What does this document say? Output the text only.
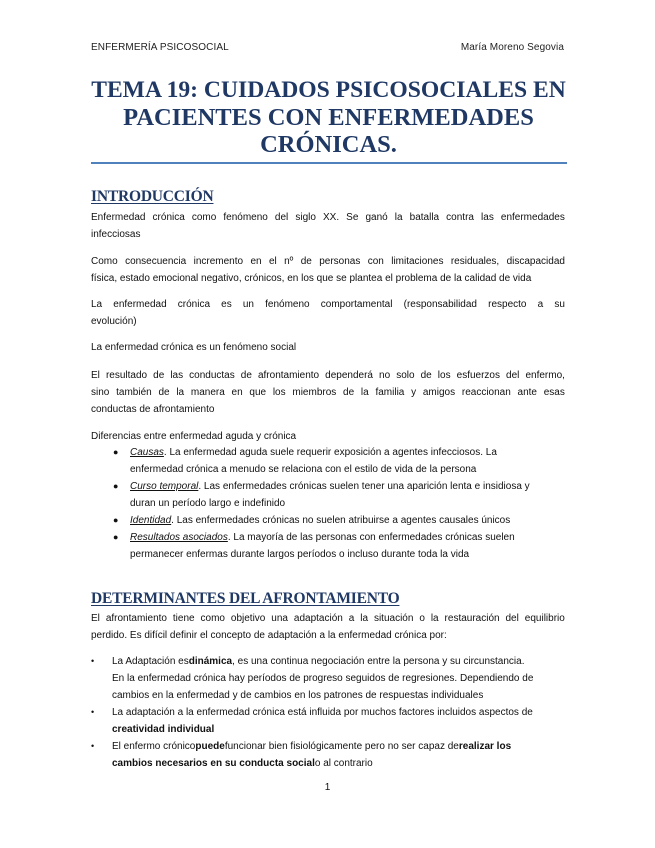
ENFERMERÍA PSICOSOCIAL	María Moreno Segovia
TEMA 19: CUIDADOS PSICOSOCIALES EN
PACIENTES CON ENFERMEDADES
CRÓNICAS.
INTRODUCCIÓN
Enfermedad crónica como fenómeno del siglo XX. Se ganó la batalla contra las enfermedades
infecciosas
Como consecuencia incremento en el nº de personas con limitaciones residuales, discapacidad
física, estado emocional negativo, crónicos, en los que se plantea el problema de la calidad de vida
La enfermedad crónica es un fenómeno comportamental (responsabilidad respecto a su
evolución)
La enfermedad crónica es un fenómeno social
El resultado de las conductas de afrontamiento dependerá no solo de los esfuerzos del enfermo,
sino también de la manera en que los miembros de la familia y amigos reaccionan ante esas
conductas de afrontamiento
Diferencias entre enfermedad aguda y crónica
● Causas. La enfermedad aguda suele requerir exposición a agentes infecciosos. La
enfermedad crónica a menudo se relaciona con el estilo de vida de la persona
● Curso temporal . Las enfermedades crónicas suelen tener una aparición lenta e insidiosa y
duran un período largo e indefinido
● Identidad . Las enfermedades crónicas no suelen atribuirse a agentes causales únicos
● Resultados asociados . La mayoría de las personas con enfermedades crónicas suelen
permanecer enfermas durante largos períodos o incluso durante toda la vida
DETERMINANTES DEL AFRONTAMIENTO
El afrontamiento tiene como objetivo una adaptación a la situación o la restauración del equilibrio
perdido. Es difícil definir el concepto de adaptación a la enfermedad crónica por:
• La Adaptación es dinámica , es una continua negociación entre la persona y su circunstancia.
En la enfermedad crónica hay períodos de progreso seguidos de regresiones. Dependiendo de
cambios en la enfermedad y de cambios en los patrones de respuestas individuales
• La adaptación a la enfermedad crónica está influida por muchos factores incluidos aspectos de
creatividad individual
• El enfermo crónico puede funcionar bien fisiológicamente pero no ser capaz de realizar los
cambios necesarios en su conducta social o al contrario
1
